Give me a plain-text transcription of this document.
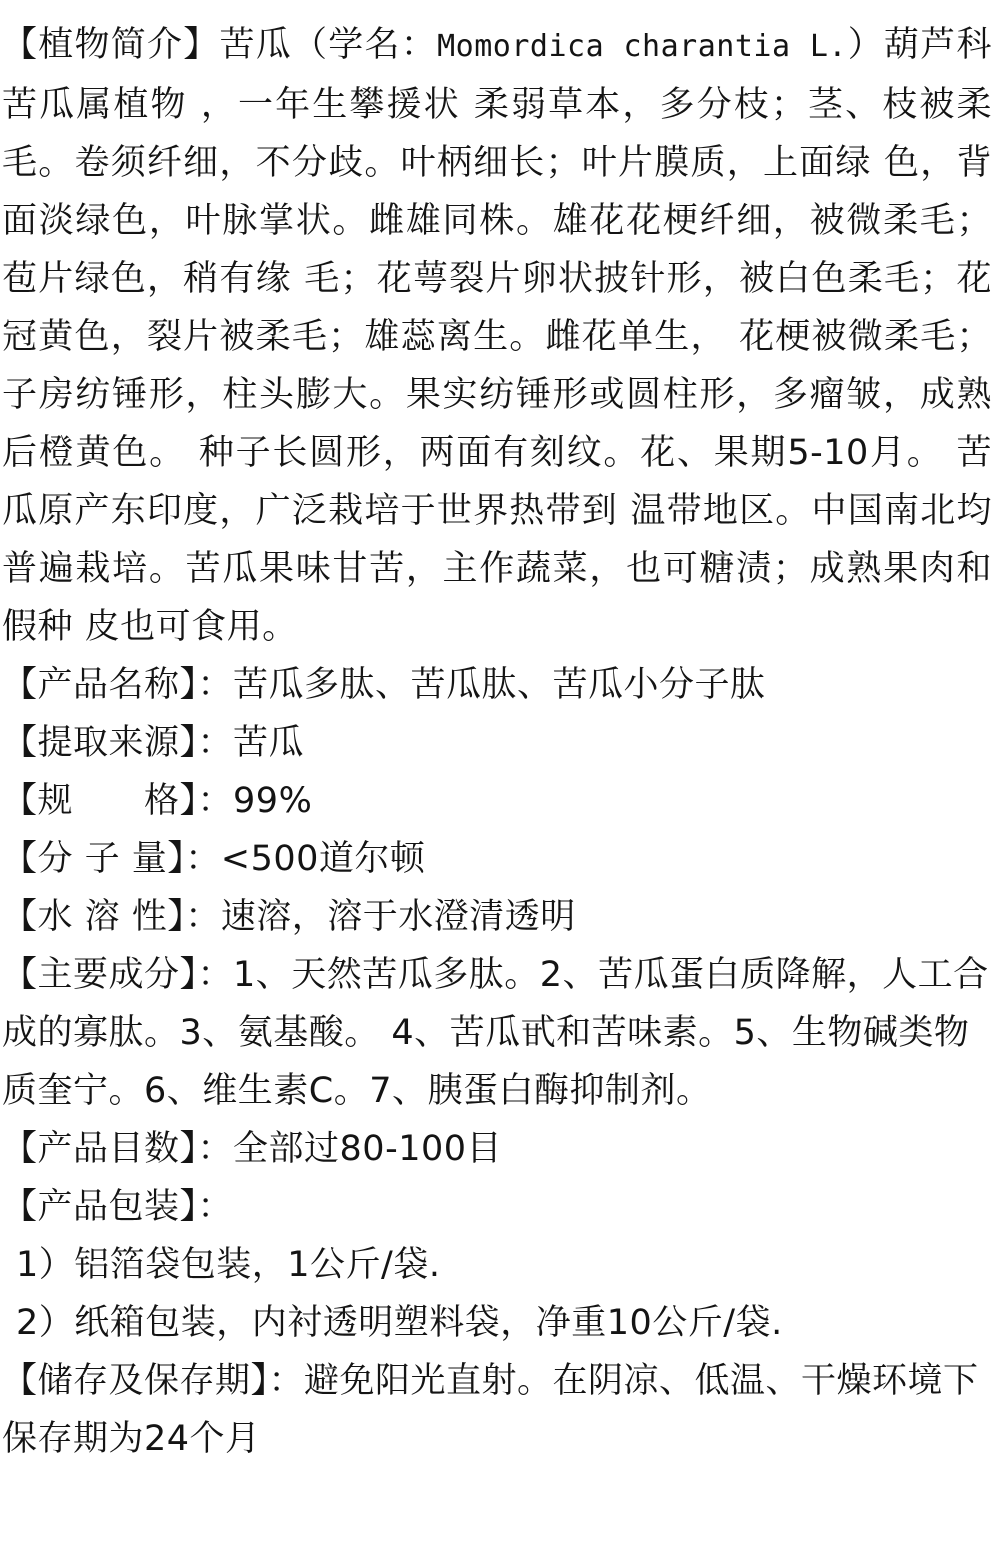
【植物简介】苦瓜（学名：Momordica charantia L.）葫芦科苦瓜属植物 ，一年生攀援状 柔弱草本，多分枝；茎、枝被柔毛。卷须纤细，不分歧。叶柄细长；叶片膜质，上面绿 色，背面淡绿色，叶脉掌状。雌雄同株。雄花花梗纤细，被微柔毛；苞片绿色，稍有缘 毛；花萼裂片卵状披针形，被白色柔毛；花冠黄色，裂片被柔毛；雄蕊离生。雌花单生， 花梗被微柔毛；子房纺锤形，柱头膨大。果实纺锤形或圆柱形，多瘤皱，成熟后橙黄色。 种子长圆形，两面有刻纹。花、果期5-10月。 苦瓜原产东印度，广泛栽培于世界热带到 温带地区。中国南北均普遍栽培。苦瓜果味甘苦，主作蔬菜，也可糖渍；成熟果肉和假种 皮也可食用。

【产品名称】：苦瓜多肽、苦瓜肽、苦瓜小分子肽

【提取来源】：苦瓜

【规　　格】：99%

【分 子 量】：<500道尔顿

【水 溶 性】：速溶，溶于水澄清透明

【主要成分】：1、天然苦瓜多肽。2、苦瓜蛋白质降解，人工合成的寡肽。3、氨基酸。 4、苦瓜甙和苦味素。5、生物碱类物质奎宁。6、维生素C。7、胰蛋白酶抑制剂。

【产品目数】：全部过80-100目

【产品包装】：

1）铝箔袋包装，1公斤/袋.

2）纸箱包装，内衬透明塑料袋，净重10公斤/袋.

【储存及保存期】：避免阳光直射。在阴凉、低温、干燥环境下保存期为24个月
